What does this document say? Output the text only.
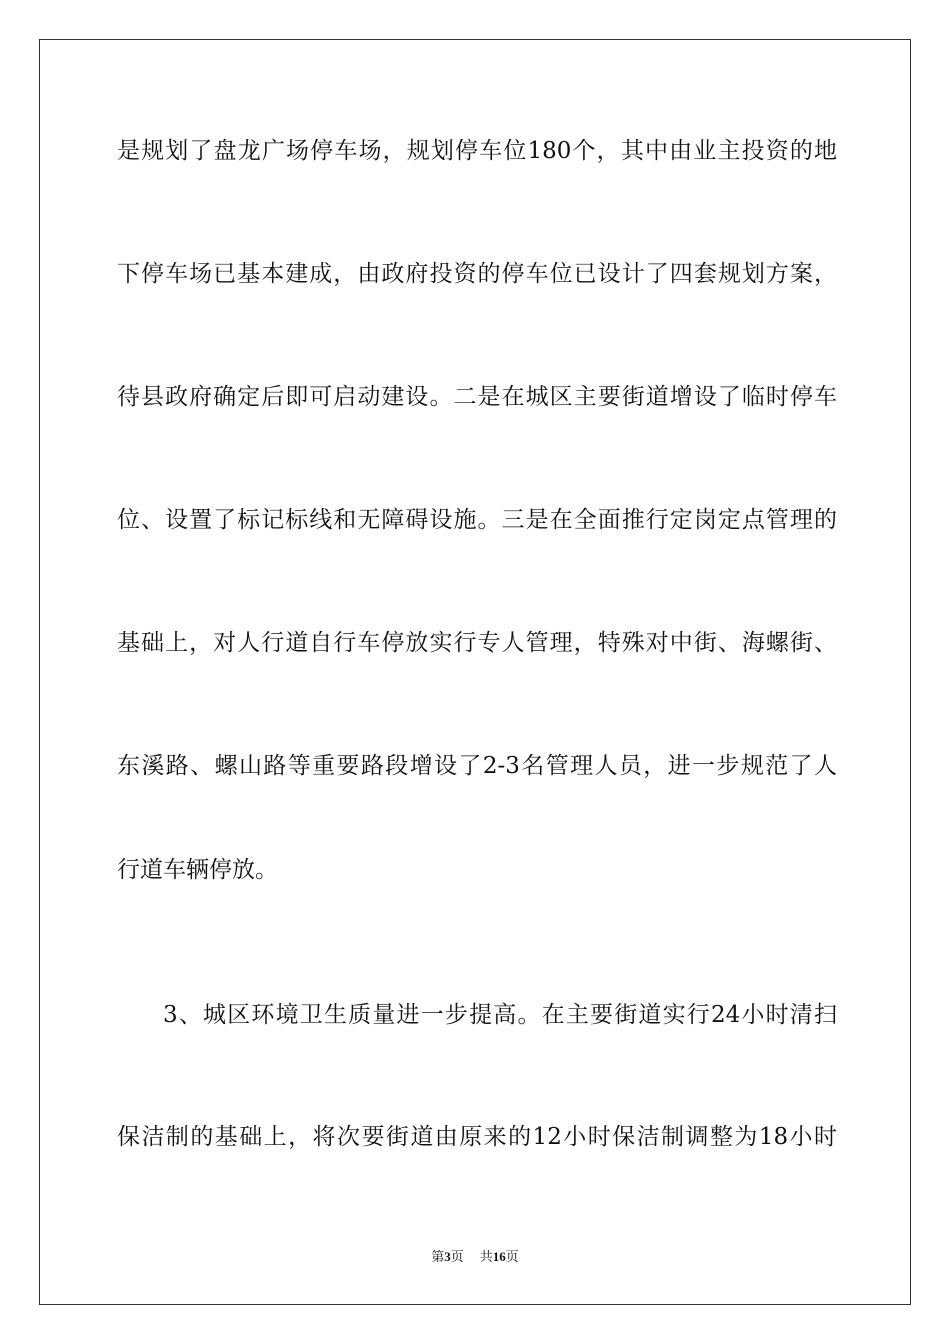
是规划了盘龙广场停车场，规划停车位180个，其中由业主投资的地
下停车场已基本建成，由政府投资的停车位已设计了四套规划方案，
待县政府确定后即可启动建设。二是在城区主要街道增设了临时停车
位、设置了标记标线和无障碍设施。三是在全面推行定岗定点管理的
基础上，对人行道自行车停放实行专人管理，特殊对中街、海螺街、
东溪路、螺山路等重要路段增设了2-3名管理人员，进一步规范了人
行道车辆停放。
3、城区环境卫生质量进一步提高。在主要街道实行24小时清扫
保洁制的基础上，将次要街道由原来的12小时保洁制调整为18小时
第3页 共16页
